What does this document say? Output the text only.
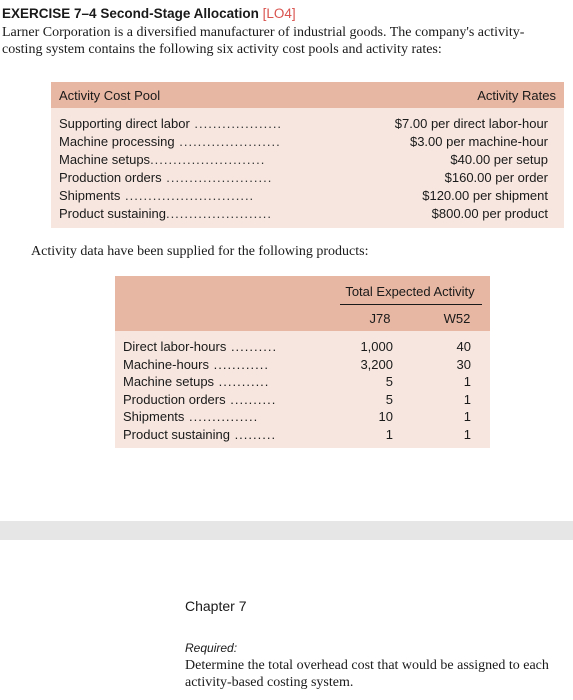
EXERCISE 7–4 Second-Stage Allocation [LO4]
Larner Corporation is a diversified manufacturer of industrial goods. The company's activity-
costing system contains the following six activity cost pools and activity rates:
Activity Cost Pool	Activity Rates
Supporting direct labor ...................	$7.00 per direct labor-hour
Machine processing ......................	$3.00 per machine-hour
Machine setups.........................	$40.00 per setup
Production orders .......................	$160.00 per order
Shipments ............................	$120.00 per shipment
Product sustaining.......................	$800.00 per product
Activity data have been supplied for the following products:
Total Expected Activity
J78	W52
Direct labor-hours ..........	1,000	40
Machine-hours ............	3,200	30
Machine setups ...........	5	1
Production orders ..........	5	1
Shipments ...............	10	1
Product sustaining .........	1	1
Chapter 7
Required:
Determine the total overhead cost that would be assigned to each
activity-based costing system.
